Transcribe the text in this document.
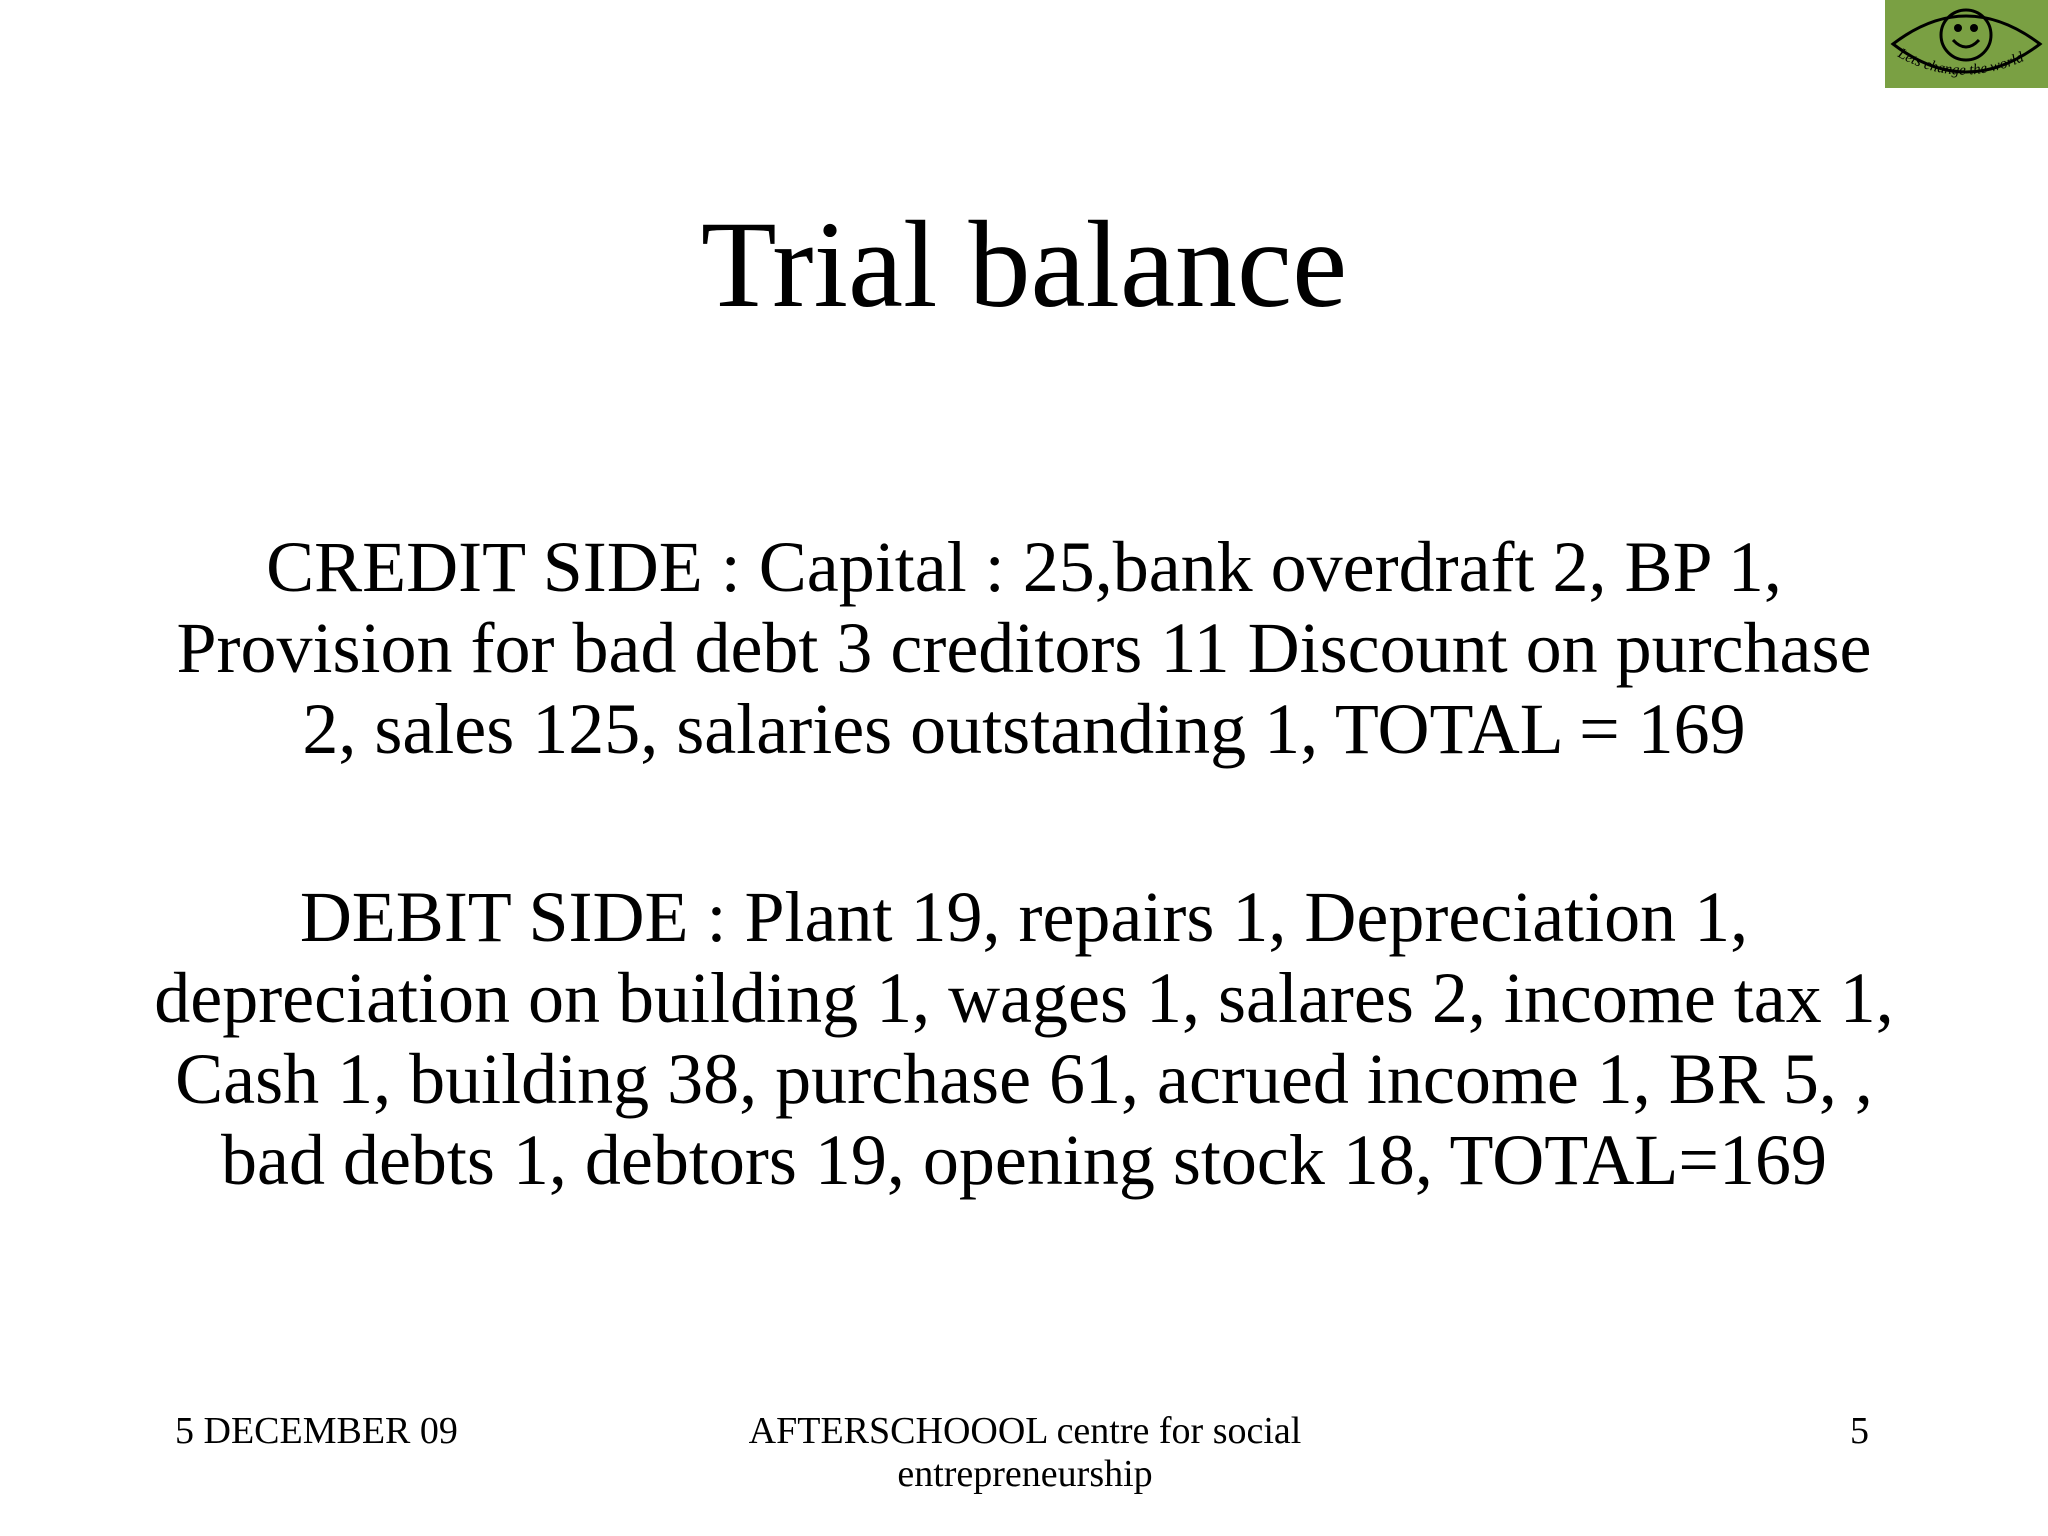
Lets change the world
Trial balance

CREDIT SIDE : Capital : 25,bank overdraft 2, BP 1, Provision for bad debt 3 creditors 11 Discount on purchase 2, sales 125, salaries outstanding 1, TOTAL = 169

DEBIT SIDE : Plant 19, repairs 1, Depreciation 1, depreciation on building 1, wages 1, salares 2, income tax 1, Cash 1, building 38, purchase 61, acrued income 1, BR 5, , bad debts 1, debtors 19, opening stock 18, TOTAL=169

5 DECEMBER 09	AFTERSCHOOOL centre for social entrepreneurship

5
